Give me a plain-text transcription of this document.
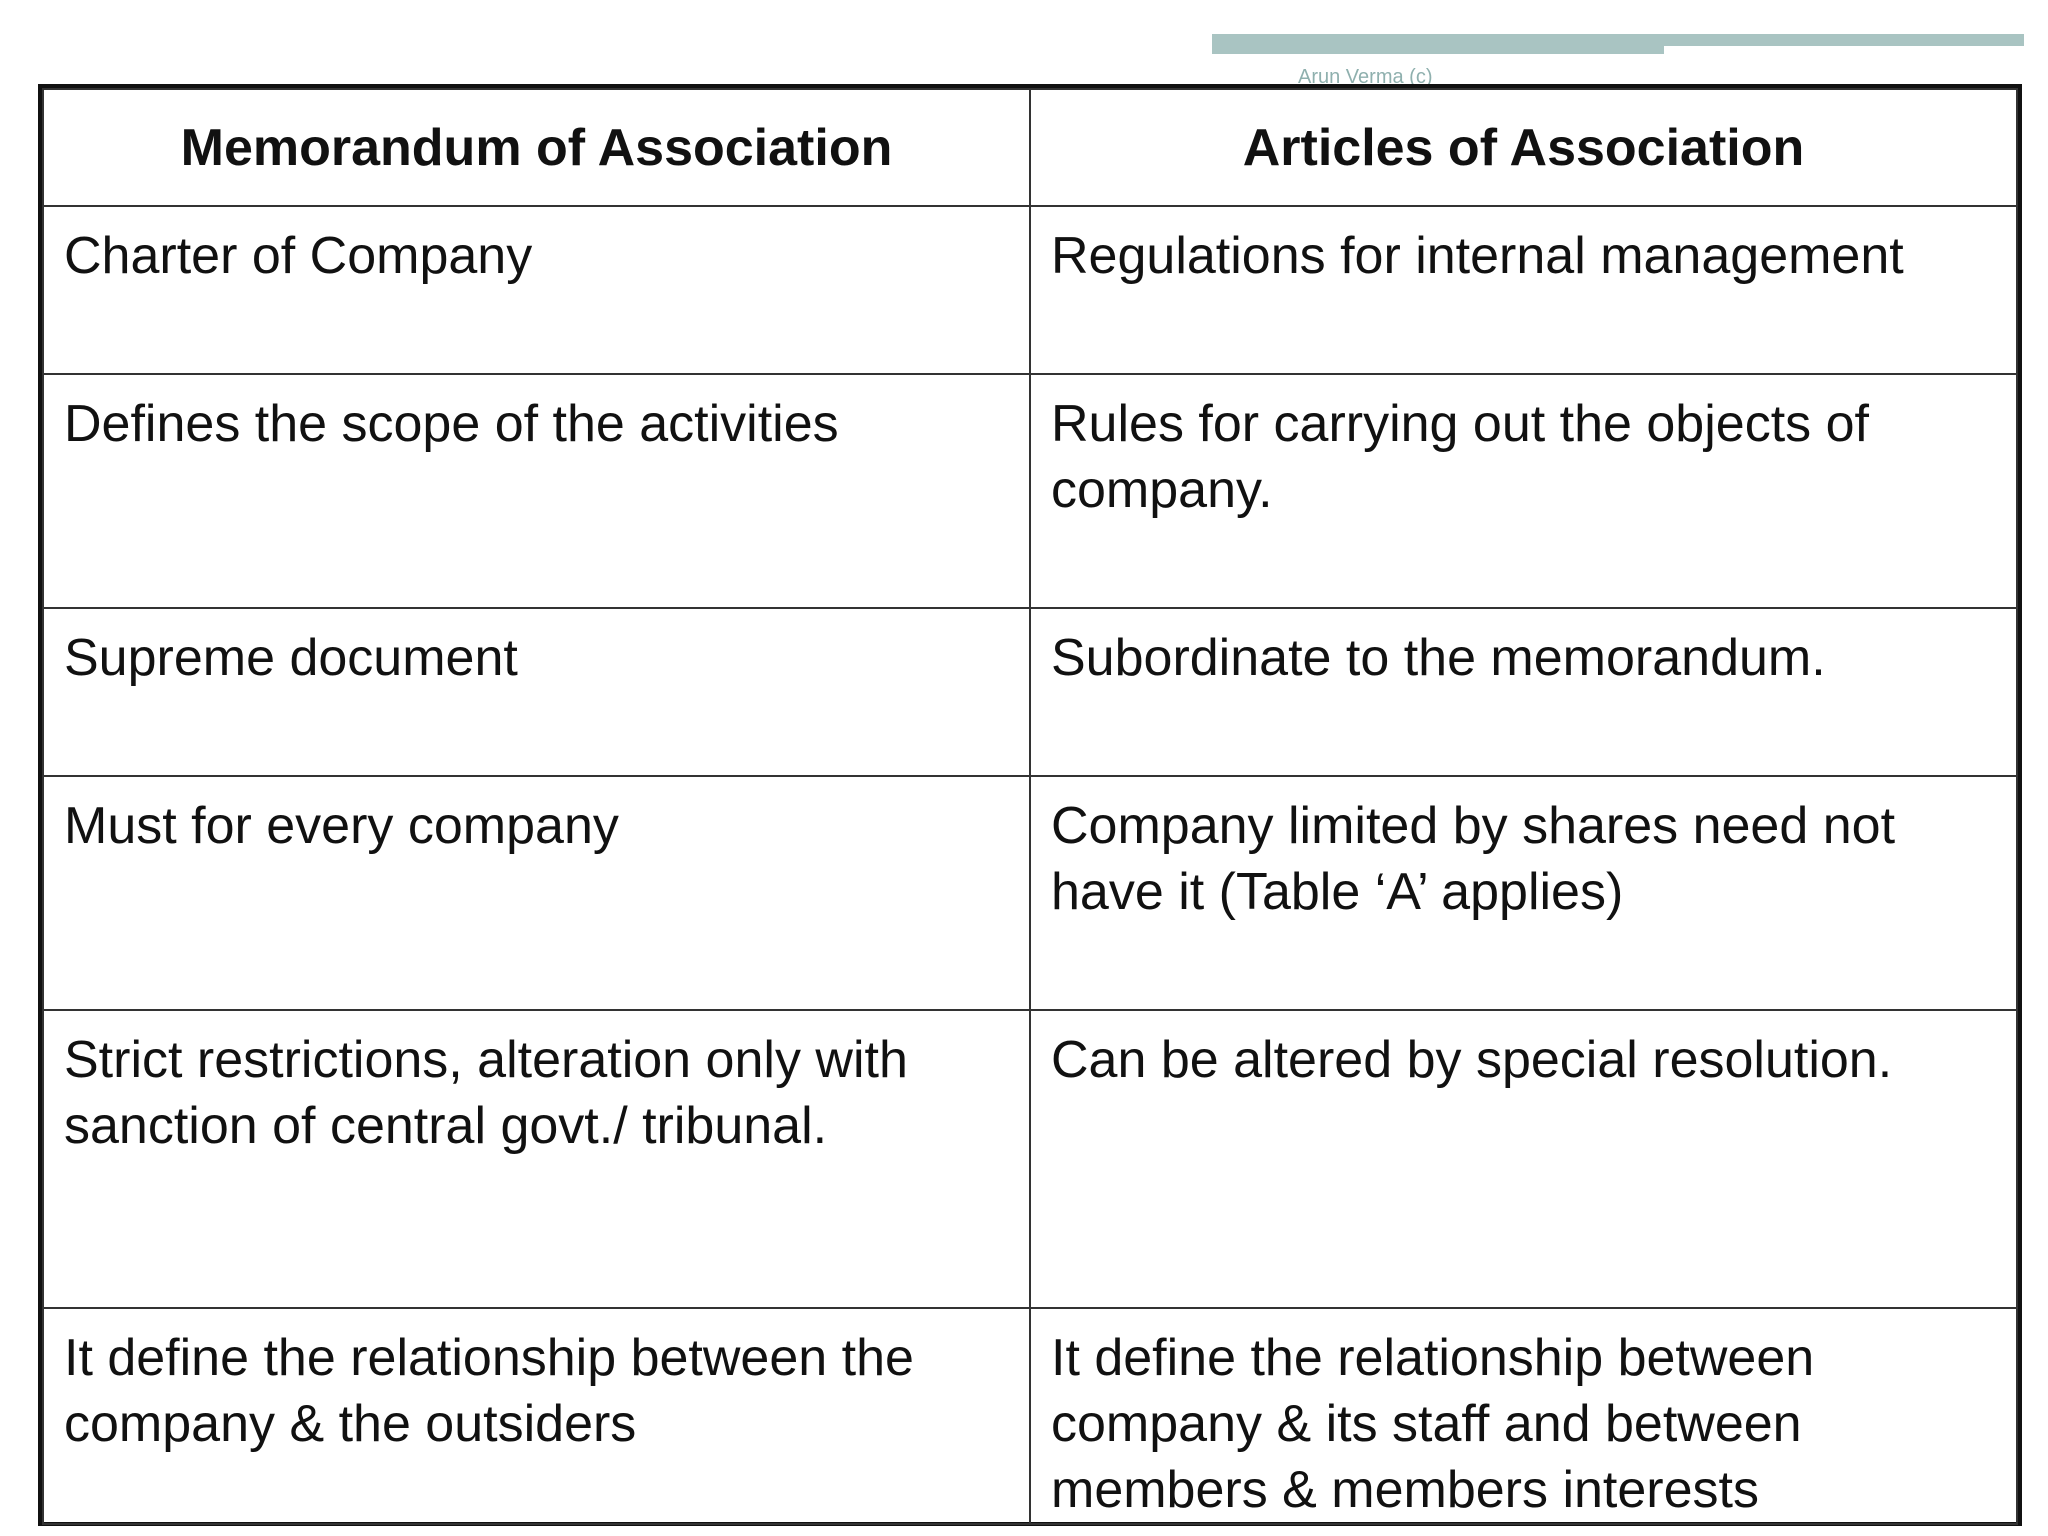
Arun Verma (c)
Memorandum of Association	Articles of Association
Charter of Company	Regulations for internal management
Defines the scope of the activities	Rules for carrying out the objects of company.
Supreme document	Subordinate to the memorandum.
Must for every company	Company limited by shares need not have it (Table ‘A’ applies)
Strict restrictions, alteration only with sanction of central govt./ tribunal.	Can be altered by special resolution.
It define the relationship between the company & the outsiders	It define the relationship between company & its staff and between members & members interests
